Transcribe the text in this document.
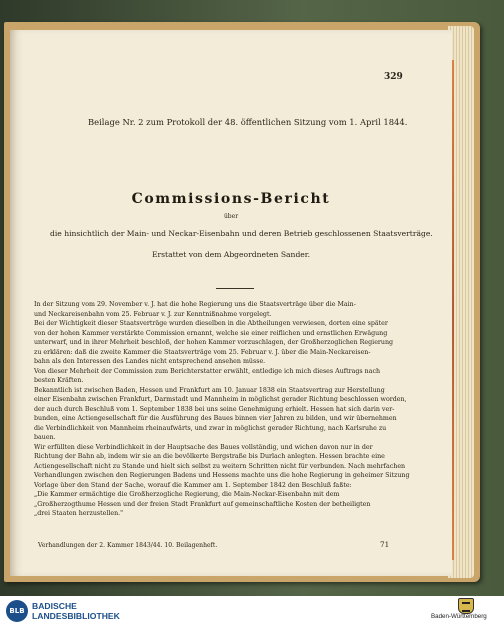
329
Beilage Nr. 2 zum Protokoll der 48. öffentlichen Sitzung vom 1. April 1844.
Commissions-Bericht
über
die hinsichtlich der Main- und Neckar-Eisenbahn und deren Betrieb geschlossenen Staatsverträge.
Erstattet von dem Abgeordneten Sander.
In der Sitzung vom 29. November v. J. hat die hohe Regierung uns die Staatsverträge über die Main-
und Neckareisenbahn vom 25. Februar v. J. zur Kenntnißnahme vorgelegt.
Bei der Wichtigkeit dieser Staatsverträge wurden dieselben in die Abtheilungen verwiesen, dorten eine später
von der hohen Kammer verstärkte Commission ernannt, welche sie einer reiflichen und ernstlichen Erwägung
unterwarf, und in ihrer Mehrheit beschloß, der hohen Kammer vorzuschlagen, der Großherzoglichen Regierung
zu erklären: daß die zweite Kammer die Staatsverträge vom 25. Februar v. J. über die Main-Neckareisen-
bahn als den Interessen des Landes nicht entsprechend ansehen müsse.
Von dieser Mehrheit der Commission zum Berichterstatter erwählt, entledige ich mich dieses Auftrags nach
besten Kräften.
Bekanntlich ist zwischen Baden, Hessen und Frankfurt am 10. Januar 1838 ein Staatsvertrag zur Herstellung
einer Eisenbahn zwischen Frankfurt, Darmstadt und Mannheim in möglichst gerader Richtung beschlossen worden,
der auch durch Beschluß vom 1. September 1838 bei uns seine Genehmigung erhielt. Hessen hat sich darin ver-
bunden, eine Actiengesellschaft für die Ausführung des Baues binnen vier Jahren zu bilden, und wir übernehmen
die Verbindlichkeit von Mannheim rheinaufwärts, und zwar in möglichst gerader Richtung, nach Karlsruhe zu
bauen.
Wir erfüllten diese Verbindlichkeit in der Hauptsache des Baues vollständig, und wichen davon nur in der
Richtung der Bahn ab, indem wir sie an die bevölkerte Bergstraße bis Durlach anlegten. Hessen brachte eine
Actiengesellschaft nicht zu Stande und hielt sich selbst zu weitern Schritten nicht für verbunden. Nach mehrfachen
Verhandlungen zwischen den Regierungen Badens und Hessens machte uns die hohe Regierung in geheimer Sitzung
Vorlage über den Stand der Sache, worauf die Kammer am 1. September 1842 den Beschluß faßte:
„Die Kammer ermächtige die Großherzogliche Regierung, die Main-Neckar-Eisenbahn mit dem
„Großherzogthume Hessen und der freien Stadt Frankfurt auf gemeinschaftliche Kosten der betheiligten
„drei Staaten herzustellen."
Verhandlungen der 2. Kammer 1843/44. 10. Beilagenheft.	71
BLB BADISCHE
LANDESBIBLIOTHEK	Baden-Württemberg
